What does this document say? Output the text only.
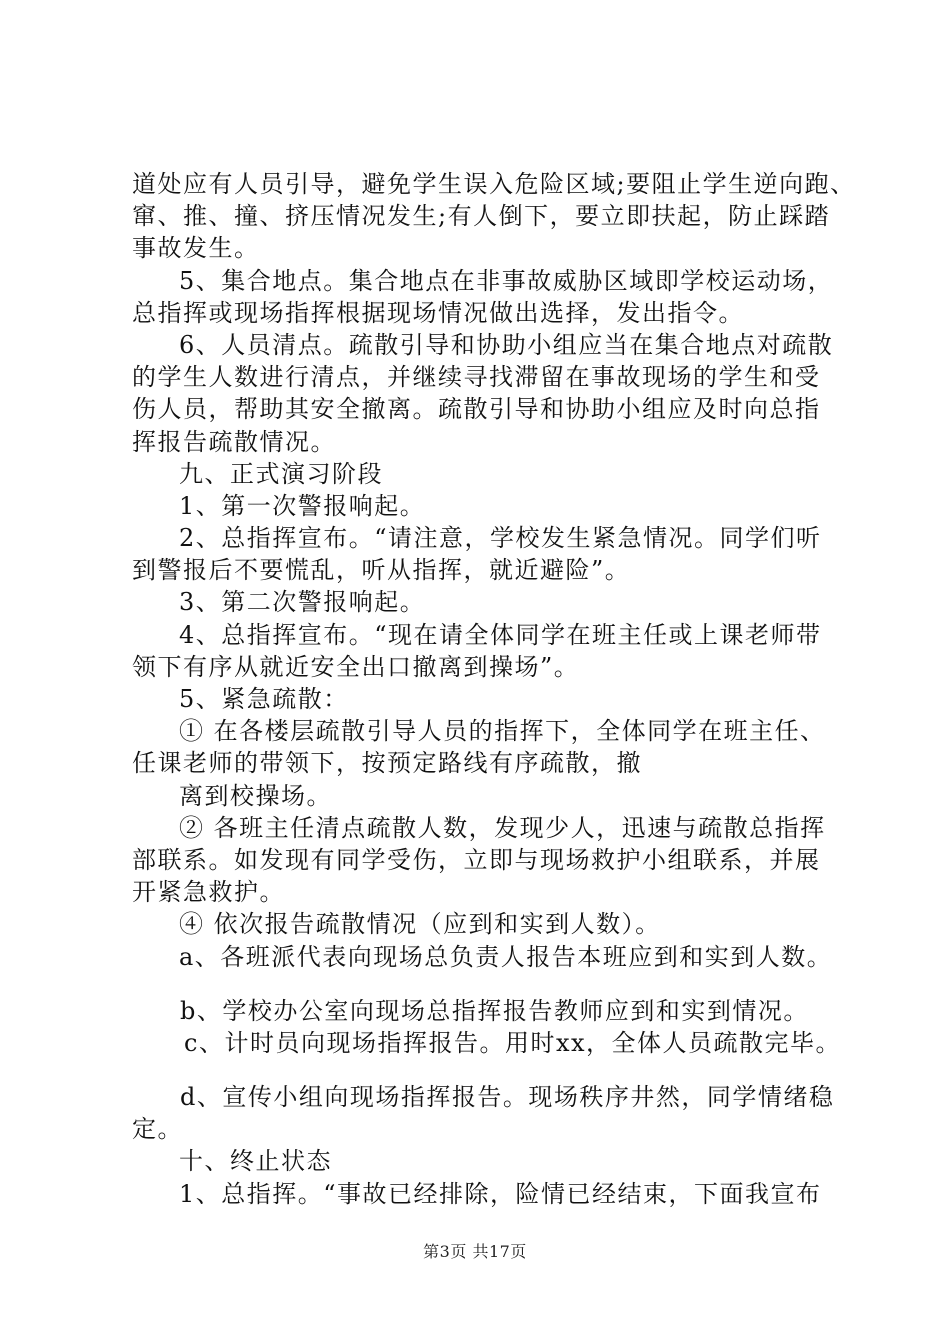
道处应有人员引导，避免学生误入危险区域;要阻止学生逆向跑、
窜、推、撞、挤压情况发生;有人倒下，要立即扶起，防止踩踏
事故发生。
5、集合地点。集合地点在非事故威胁区域即学校运动场，
总指挥或现场指挥根据现场情况做出选择，发出指令。
6、人员清点。疏散引导和协助小组应当在集合地点对疏散
的学生人数进行清点，并继续寻找滞留在事故现场的学生和受
伤人员，帮助其安全撤离。疏散引导和协助小组应及时向总指
挥报告疏散情况。
九、正式演习阶段
1、第一次警报响起。
2、总指挥宣布。“请注意，学校发生紧急情况。同学们听
到警报后不要慌乱，听从指挥，就近避险”。
3、第二次警报响起。
4、总指挥宣布。“现在请全体同学在班主任或上课老师带
领下有序从就近安全出口撤离到操场”。
5、紧急疏散：
① 在各楼层疏散引导人员的指挥下，全体同学在班主任、
任课老师的带领下，按预定路线有序疏散，撤
离到校操场。
② 各班主任清点疏散人数，发现少人，迅速与疏散总指挥
部联系。如发现有同学受伤，立即与现场救护小组联系，并展
开紧急救护。
④ 依次报告疏散情况（应到和实到人数）。
a、各班派代表向现场总负责人报告本班应到和实到人数。
b、学校办公室向现场总指挥报告教师应到和实到情况。
c、计时员向现场指挥报告。用时xx，全体人员疏散完毕。
d、宣传小组向现场指挥报告。现场秩序井然，同学情绪稳
定。
十、终止状态
1、总指挥。“事故已经排除，险情已经结束，下面我宣布
第3页 共17页
